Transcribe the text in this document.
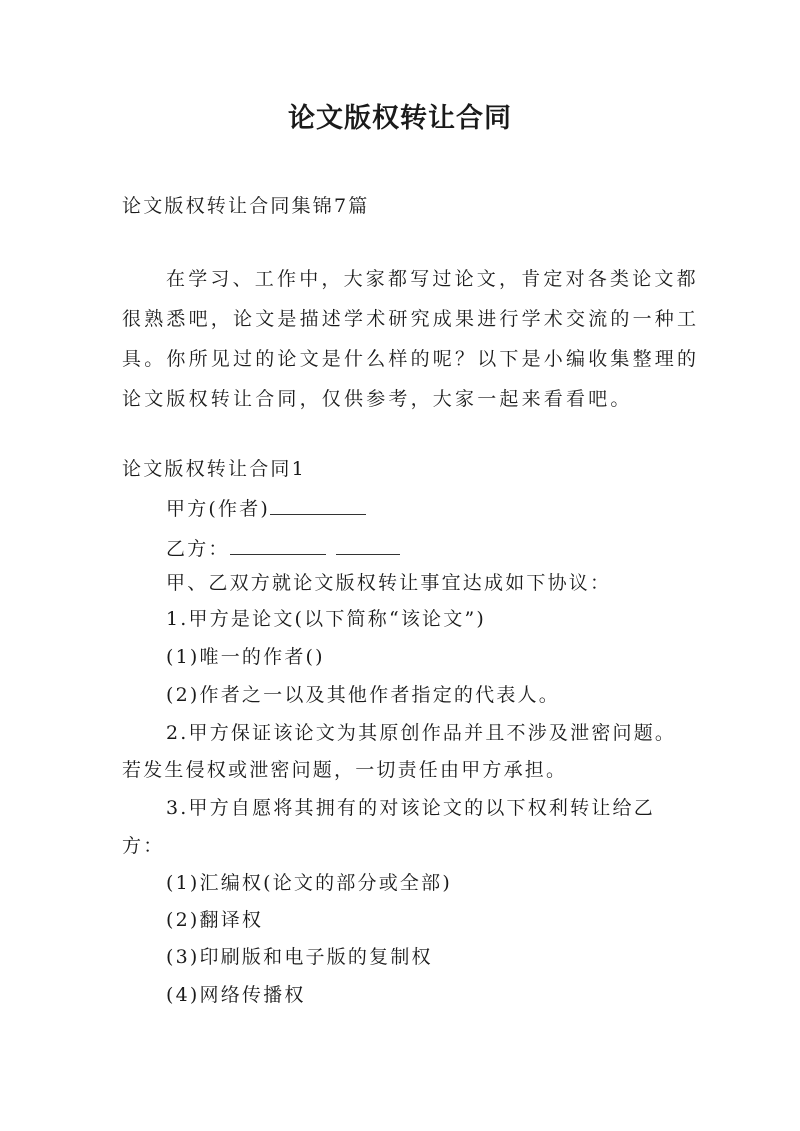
论文版权转让合同
论文版权转让合同集锦7篇
在学习、工作中，大家都写过论文，肯定对各类论文都
很熟悉吧，论文是描述学术研究成果进行学术交流的一种工
具。你所见过的论文是什么样的呢？以下是小编收集整理的
论文版权转让合同，仅供参考，大家一起来看看吧。
论文版权转让合同1
甲方(作者)
乙方：
甲、乙双方就论文版权转让事宜达成如下协议：
1.甲方是论文(以下简称“该论文”)
(1)唯一的作者()
(2)作者之一以及其他作者指定的代表人。
2.甲方保证该论文为其原创作品并且不涉及泄密问题。
若发生侵权或泄密问题，一切责任由甲方承担。
3.甲方自愿将其拥有的对该论文的以下权利转让给乙
方：
(1)汇编权(论文的部分或全部)
(2)翻译权
(3)印刷版和电子版的复制权
(4)网络传播权
